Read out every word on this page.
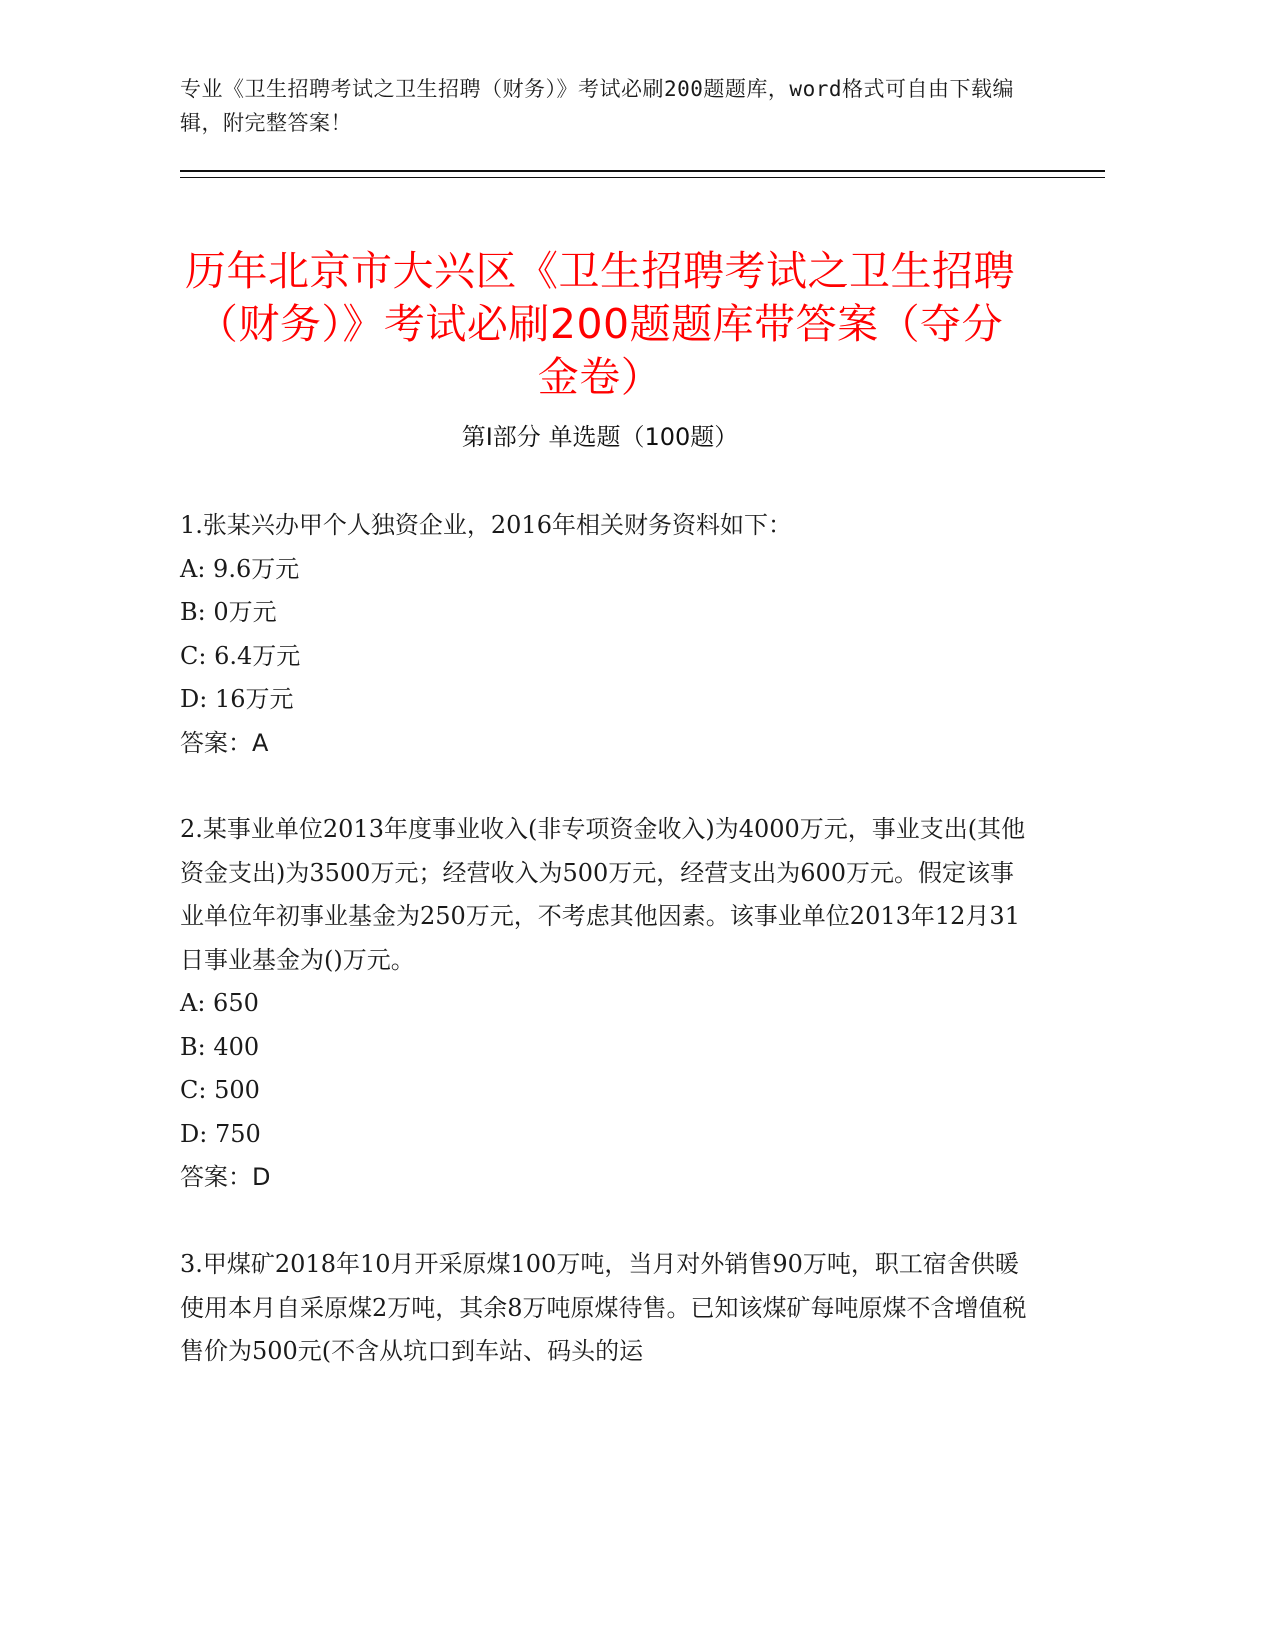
专业《卫生招聘考试之卫生招聘（财务）》考试必刷200题题库，word格式可自由下载编辑，附完整答案！
历年北京市大兴区《卫生招聘考试之卫生招聘（财务）》考试必刷200题题库带答案（夺分金卷）
第I部分 单选题（100题）

1.张某兴办甲个人独资企业，2016年相关财务资料如下：

A: 9.6万元

B: 0万元

C: 6.4万元

D: 16万元

答案：A

2.某事业单位2013年度事业收入(非专项资金收入)为4000万元，事业支出(其他资金支出)为3500万元；经营收入为500万元，经营支出为600万元。假定该事业单位年初事业基金为250万元，不考虑其他因素。该事业单位2013年12月31日事业基金为()万元。

A: 650

B: 400

C: 500

D: 750

答案：D

3.甲煤矿2018年10月开采原煤100万吨，当月对外销售90万吨，职工宿舍供暖使用本月自采原煤2万吨，其余8万吨原煤待售。已知该煤矿每吨原煤不含增值税售价为500元(不含从坑口到车站、码头的运
